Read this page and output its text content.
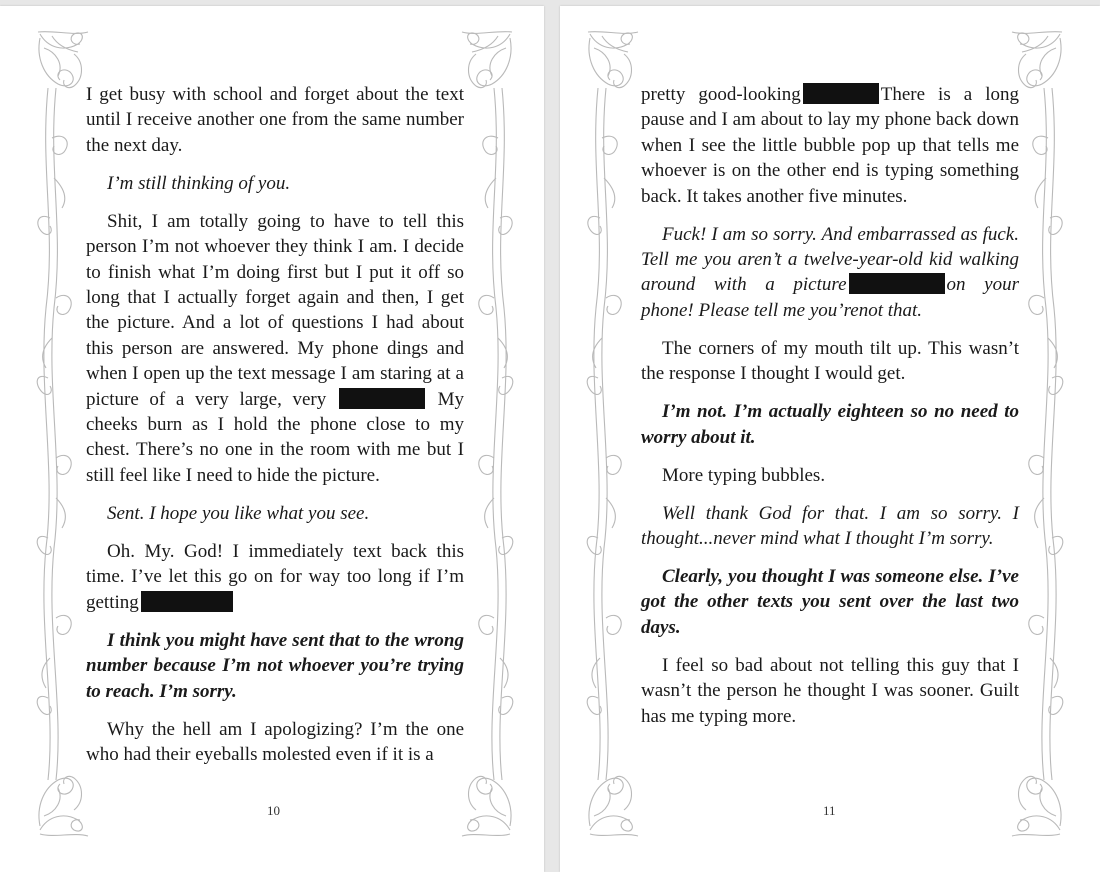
I get busy with school and forget about the text until I receive another one from the same number the next day.

I’m still thinking of you.

Shit, I am totally going to have to tell this person I’m not whoever they think I am. I decide to finish what I’m doing first but I put it off so long that I actually forget again and then, I get the picture. And a lot of questions I had about this person are answered. My phone dings and when I open up the text message I am staring at a picture of a very large, very	My cheeks burn as I hold the phone close to my chest. There’s no one in the room with me but I still feel like I need to hide the picture.

Sent. I hope you like what you see.

Oh. My. God! I immediately text back this time. I’ve let this go on for way too long if I’m getting

I think you might have sent that to the wrong number because I’m not whoever you’re trying to reach. I’m sorry.

Why the hell am I apologizing? I’m the one who had their eyeballs molested even if it is a

10

pretty good-looking	There is a long pause and I am about to lay my phone back down when I see the little bubble pop up that tells me whoever is on the other end is typing something back. It takes another five minutes.

Fuck! I am so sorry. And embarrassed as fuck. Tell me you aren’t a twelve-year-old kid walking around with a picture	on your phone! Please tell me you’renot that.

The corners of my mouth tilt up. This wasn’t the response I thought I would get.

I’m not. I’m actually eighteen so no need to worry about it.

More typing bubbles.

Well thank God for that. I am so sorry. I thought...never mind what I thought I’m sorry.

Clearly, you thought I was someone else. I’ve got the other texts you sent over the last two days.

I feel so bad about not telling this guy that I wasn’t the person he thought I was sooner. Guilt has me typing more.

11
